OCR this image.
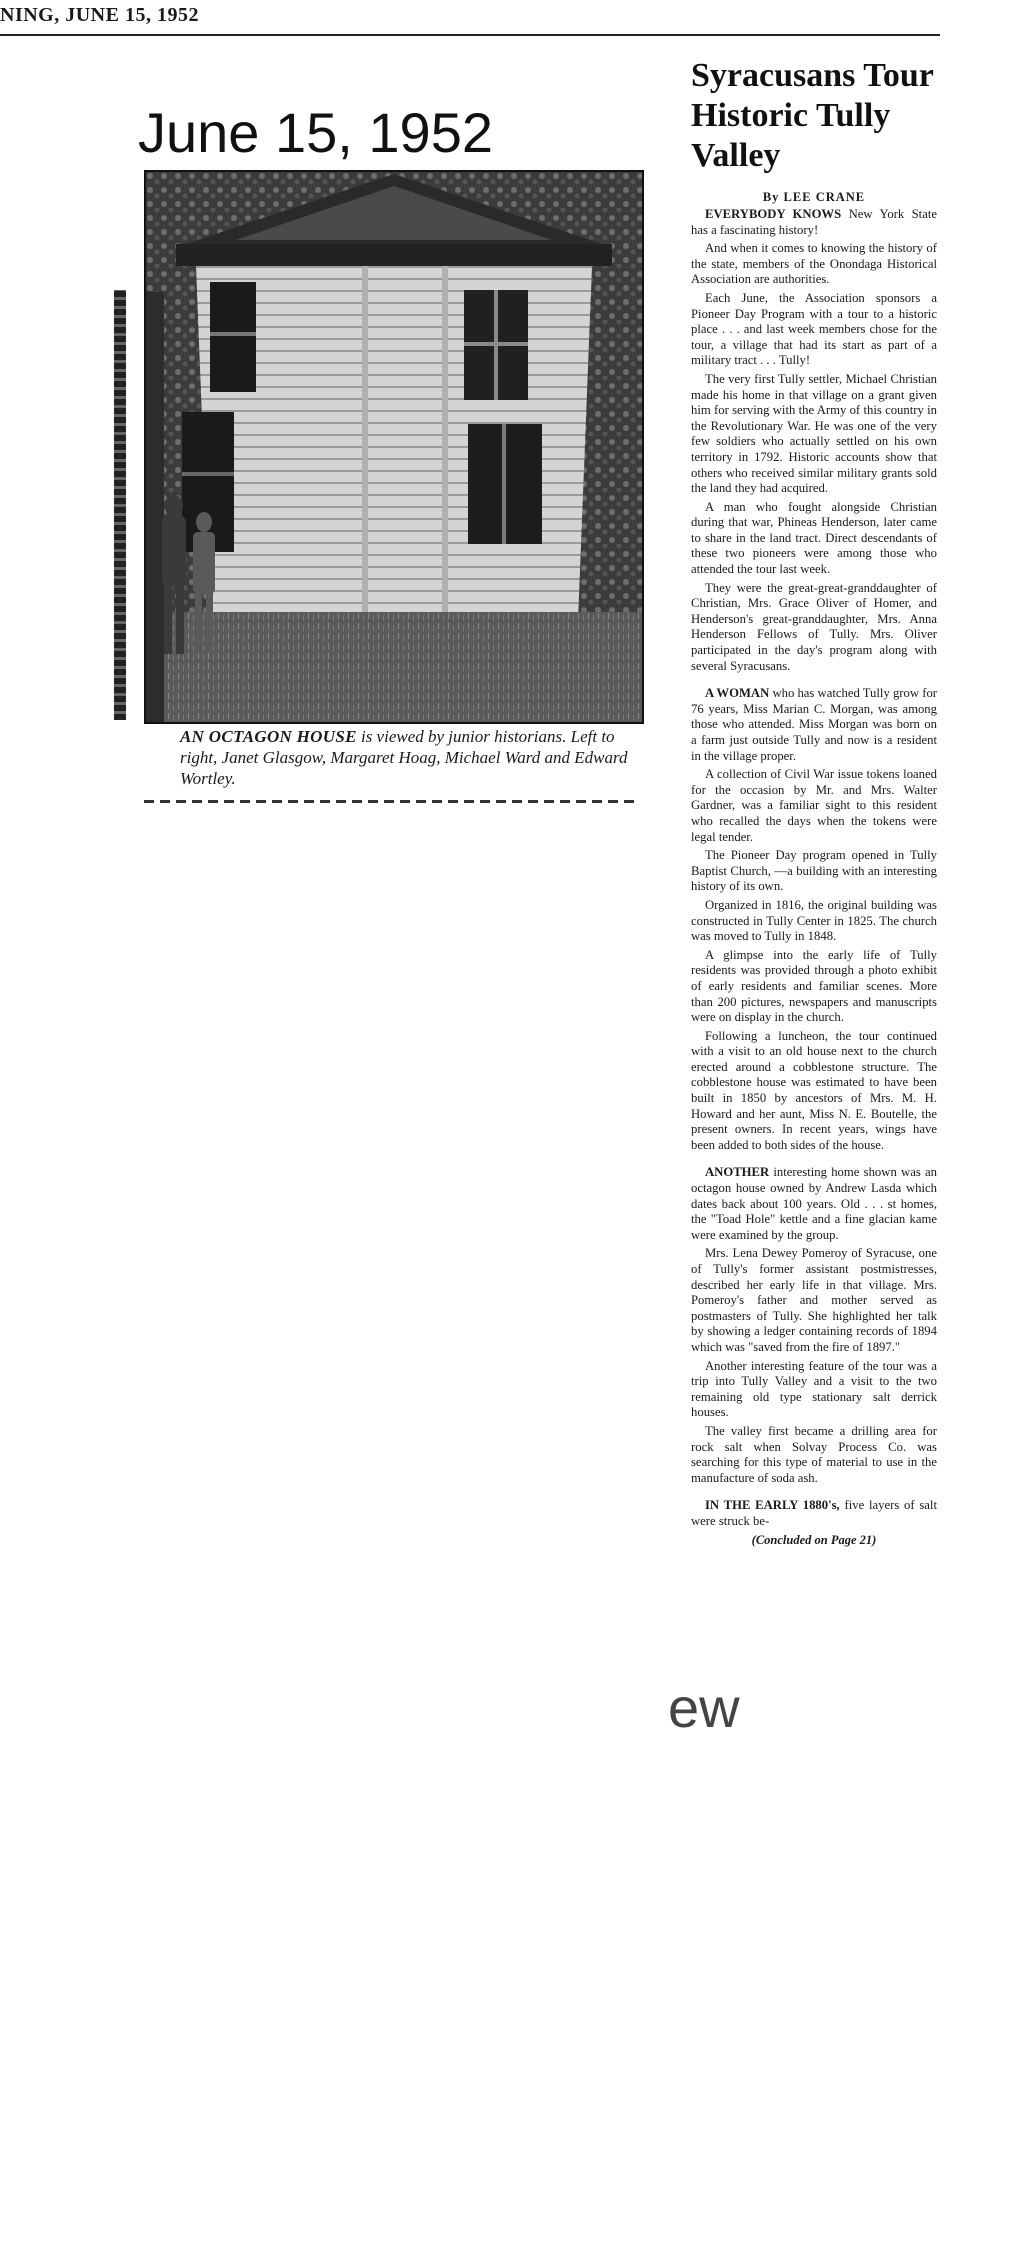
NING, JUNE 15, 1952
June 15, 1952
AN OCTAGON HOUSE is viewed by junior historians. Left to right, Janet Glasgow, Margaret Hoag, Michael Ward and Edward Wortley.
Syracusans Tour Historic Tully Valley

By LEE CRANE

EVERYBODY KNOWS New York State has a fascinating history!

And when it comes to knowing the history of the state, members of the Onondaga Historical Association are authorities.

Each June, the Association sponsors a Pioneer Day Program with a tour to a historic place . . . and last week members chose for the tour, a village that had its start as part of a military tract . . . Tully!

The very first Tully settler, Michael Christian made his home in that village on a grant given him for serving with the Army of this country in the Revolutionary War. He was one of the very few soldiers who actually settled on his own territory in 1792. Historic accounts show that others who received similar military grants sold the land they had acquired.

A man who fought alongside Christian during that war, Phineas Henderson, later came to share in the land tract. Direct descendants of these two pioneers were among those who attended the tour last week.

They were the great-great-granddaughter of Christian, Mrs. Grace Oliver of Homer, and Henderson's great-granddaughter, Mrs. Anna Henderson Fellows of Tully. Mrs. Oliver participated in the day's program along with several Syracusans.

A WOMAN who has watched Tully grow for 76 years, Miss Marian C. Morgan, was among those who attended. Miss Morgan was born on a farm just outside Tully and now is a resident in the village proper.

A collection of Civil War issue tokens loaned for the occasion by Mr. and Mrs. Walter Gardner, was a familiar sight to this resident who recalled the days when the tokens were legal tender.

The Pioneer Day program opened in Tully Baptist Church, —a building with an interesting history of its own.

Organized in 1816, the original building was constructed in Tully Center in 1825. The church was moved to Tully in 1848.

A glimpse into the early life of Tully residents was provided through a photo exhibit of early residents and familiar scenes. More than 200 pictures, newspapers and manuscripts were on display in the church.

Following a luncheon, the tour continued with a visit to an old house next to the church erected around a cobblestone structure. The cobblestone house was estimated to have been built in 1850 by ancestors of Mrs. M. H. Howard and her aunt, Miss N. E. Boutelle, the present owners. In recent years, wings have been added to both sides of the house.

ANOTHER interesting home shown was an octagon house owned by Andrew Lasda which dates back about 100 years. Old . . . st homes, the "Toad Hole" kettle and a fine glacian kame were examined by the group.

Mrs. Lena Dewey Pomeroy of Syracuse, one of Tully's former assistant postmistresses, described her early life in that village. Mrs. Pomeroy's father and mother served as postmasters of Tully. She highlighted her talk by showing a ledger containing records of 1894 which was "saved from the fire of 1897."

Another interesting feature of the tour was a trip into Tully Valley and a visit to the two remaining old type stationary salt derrick houses.

The valley first became a drilling area for rock salt when Solvay Process Co. was searching for this type of material to use in the manufacture of soda ash.

IN THE EARLY 1880's, five layers of salt were struck be-

(Concluded on Page 21)

ew
